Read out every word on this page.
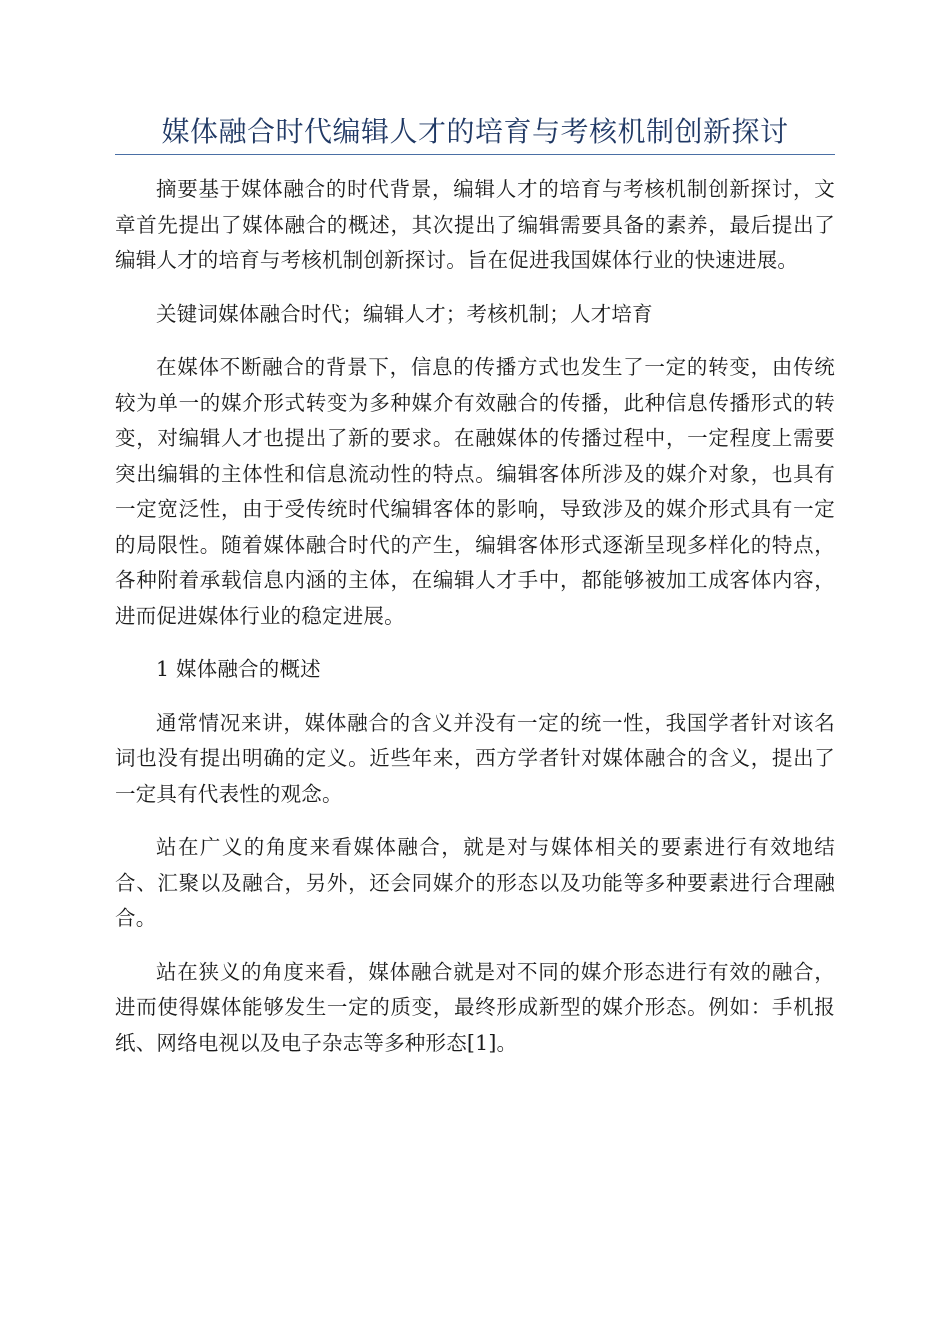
媒体融合时代编辑人才的培育与考核机制创新探讨

摘要基于媒体融合的时代背景，编辑人才的培育与考核机制创新探讨，文章首先提出了媒体融合的概述，其次提出了编辑需要具备的素养，最后提出了编辑人才的培育与考核机制创新探讨。旨在促进我国媒体行业的快速进展。

关键词媒体融合时代；编辑人才；考核机制；人才培育

在媒体不断融合的背景下，信息的传播方式也发生了一定的转变，由传统较为单一的媒介形式转变为多种媒介有效融合的传播，此种信息传播形式的转变，对编辑人才也提出了新的要求。在融媒体的传播过程中，一定程度上需要突出编辑的主体性和信息流动性的特点。编辑客体所涉及的媒介对象，也具有一定宽泛性，由于受传统时代编辑客体的影响，导致涉及的媒介形式具有一定的局限性。随着媒体融合时代的产生，编辑客体形式逐渐呈现多样化的特点，各种附着承载信息内涵的主体，在编辑人才手中，都能够被加工成客体内容，进而促进媒体行业的稳定进展。

1 媒体融合的概述

通常情况来讲，媒体融合的含义并没有一定的统一性，我国学者针对该名词也没有提出明确的定义。近些年来，西方学者针对媒体融合的含义，提出了一定具有代表性的观念。

站在广义的角度来看媒体融合，就是对与媒体相关的要素进行有效地结合、汇聚以及融合，另外，还会同媒介的形态以及功能等多种要素进行合理融合。

站在狭义的角度来看，媒体融合就是对不同的媒介形态进行有效的融合，进而使得媒体能够发生一定的质变，最终形成新型的媒介形态。例如：手机报纸、网络电视以及电子杂志等多种形态[1]。
